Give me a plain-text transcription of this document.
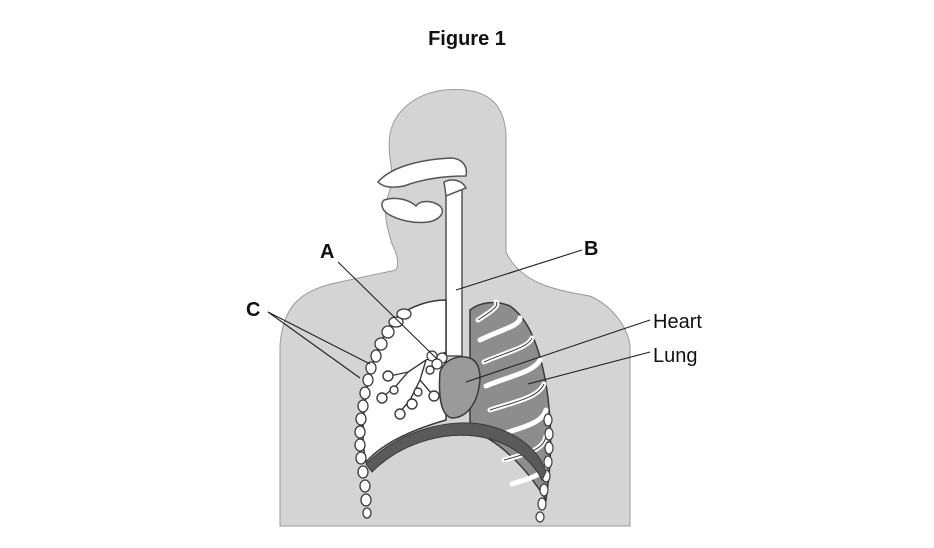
Figure 1
A	B
C
Heart
Lung
